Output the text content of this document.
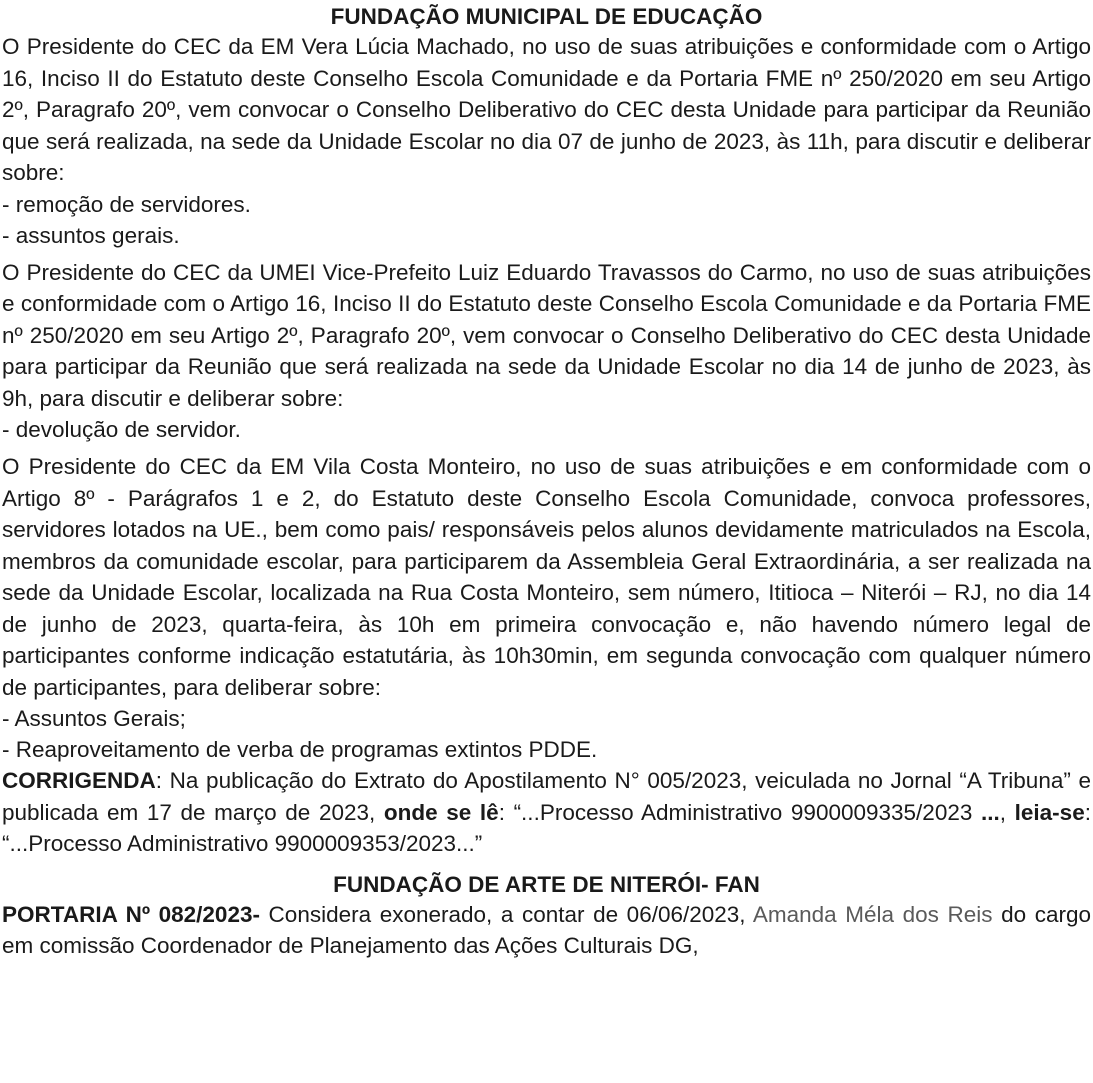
FUNDAÇÃO MUNICIPAL DE EDUCAÇÃO

O Presidente do CEC da EM Vera Lúcia Machado, no uso de suas atribuições e conformidade com o Artigo 16, Inciso II do Estatuto deste Conselho Escola Comunidade e da Portaria FME nº 250/2020 em seu Artigo 2º, Paragrafo 20º, vem convocar o Conselho Deliberativo do CEC desta Unidade para participar da Reunião que será realizada, na sede da Unidade Escolar no dia 07 de junho de 2023, às 11h, para discutir e deliberar sobre:

- remoção de servidores.

- assuntos gerais.

O Presidente do CEC da UMEI Vice-Prefeito Luiz Eduardo Travassos do Carmo, no uso de suas atribuições e conformidade com o Artigo 16, Inciso II do Estatuto deste Conselho Escola Comunidade e da Portaria FME nº 250/2020 em seu Artigo 2º, Paragrafo 20º, vem convocar o Conselho Deliberativo do CEC desta Unidade para participar da Reunião que será realizada na sede da Unidade Escolar no dia 14 de junho de 2023, às 9h, para discutir e deliberar sobre:

- devolução de servidor.

O Presidente do CEC da EM Vila Costa Monteiro, no uso de suas atribuições e em conformidade com o Artigo 8º - Parágrafos 1 e 2, do Estatuto deste Conselho Escola Comunidade, convoca professores, servidores lotados na UE., bem como pais/ responsáveis pelos alunos devidamente matriculados na Escola, membros da comunidade escolar, para participarem da Assembleia Geral Extraordinária, a ser realizada na sede da Unidade Escolar, localizada na Rua Costa Monteiro, sem número, Ititioca – Niterói – RJ, no dia 14 de junho de 2023, quarta-feira, às 10h em primeira convocação e, não havendo número legal de participantes conforme indicação estatutária, às 10h30min, em segunda convocação com qualquer número de participantes, para deliberar sobre:

- Assuntos Gerais;

- Reaproveitamento de verba de programas extintos PDDE.

CORRIGENDA: Na publicação do Extrato do Apostilamento N° 005/2023, veiculada no Jornal “A Tribuna” e publicada em 17 de março de 2023, onde se lê: “...Processo Administrativo 9900009335/2023 ..., leia-se: “...Processo Administrativo 9900009353/2023...”

FUNDAÇÃO DE ARTE DE NITERÓI- FAN

PORTARIA Nº 082/2023- Considera exonerado, a contar de 06/06/2023, Amanda Méla dos Reis do cargo em comissão Coordenador de Planejamento das Ações Culturais DG,
